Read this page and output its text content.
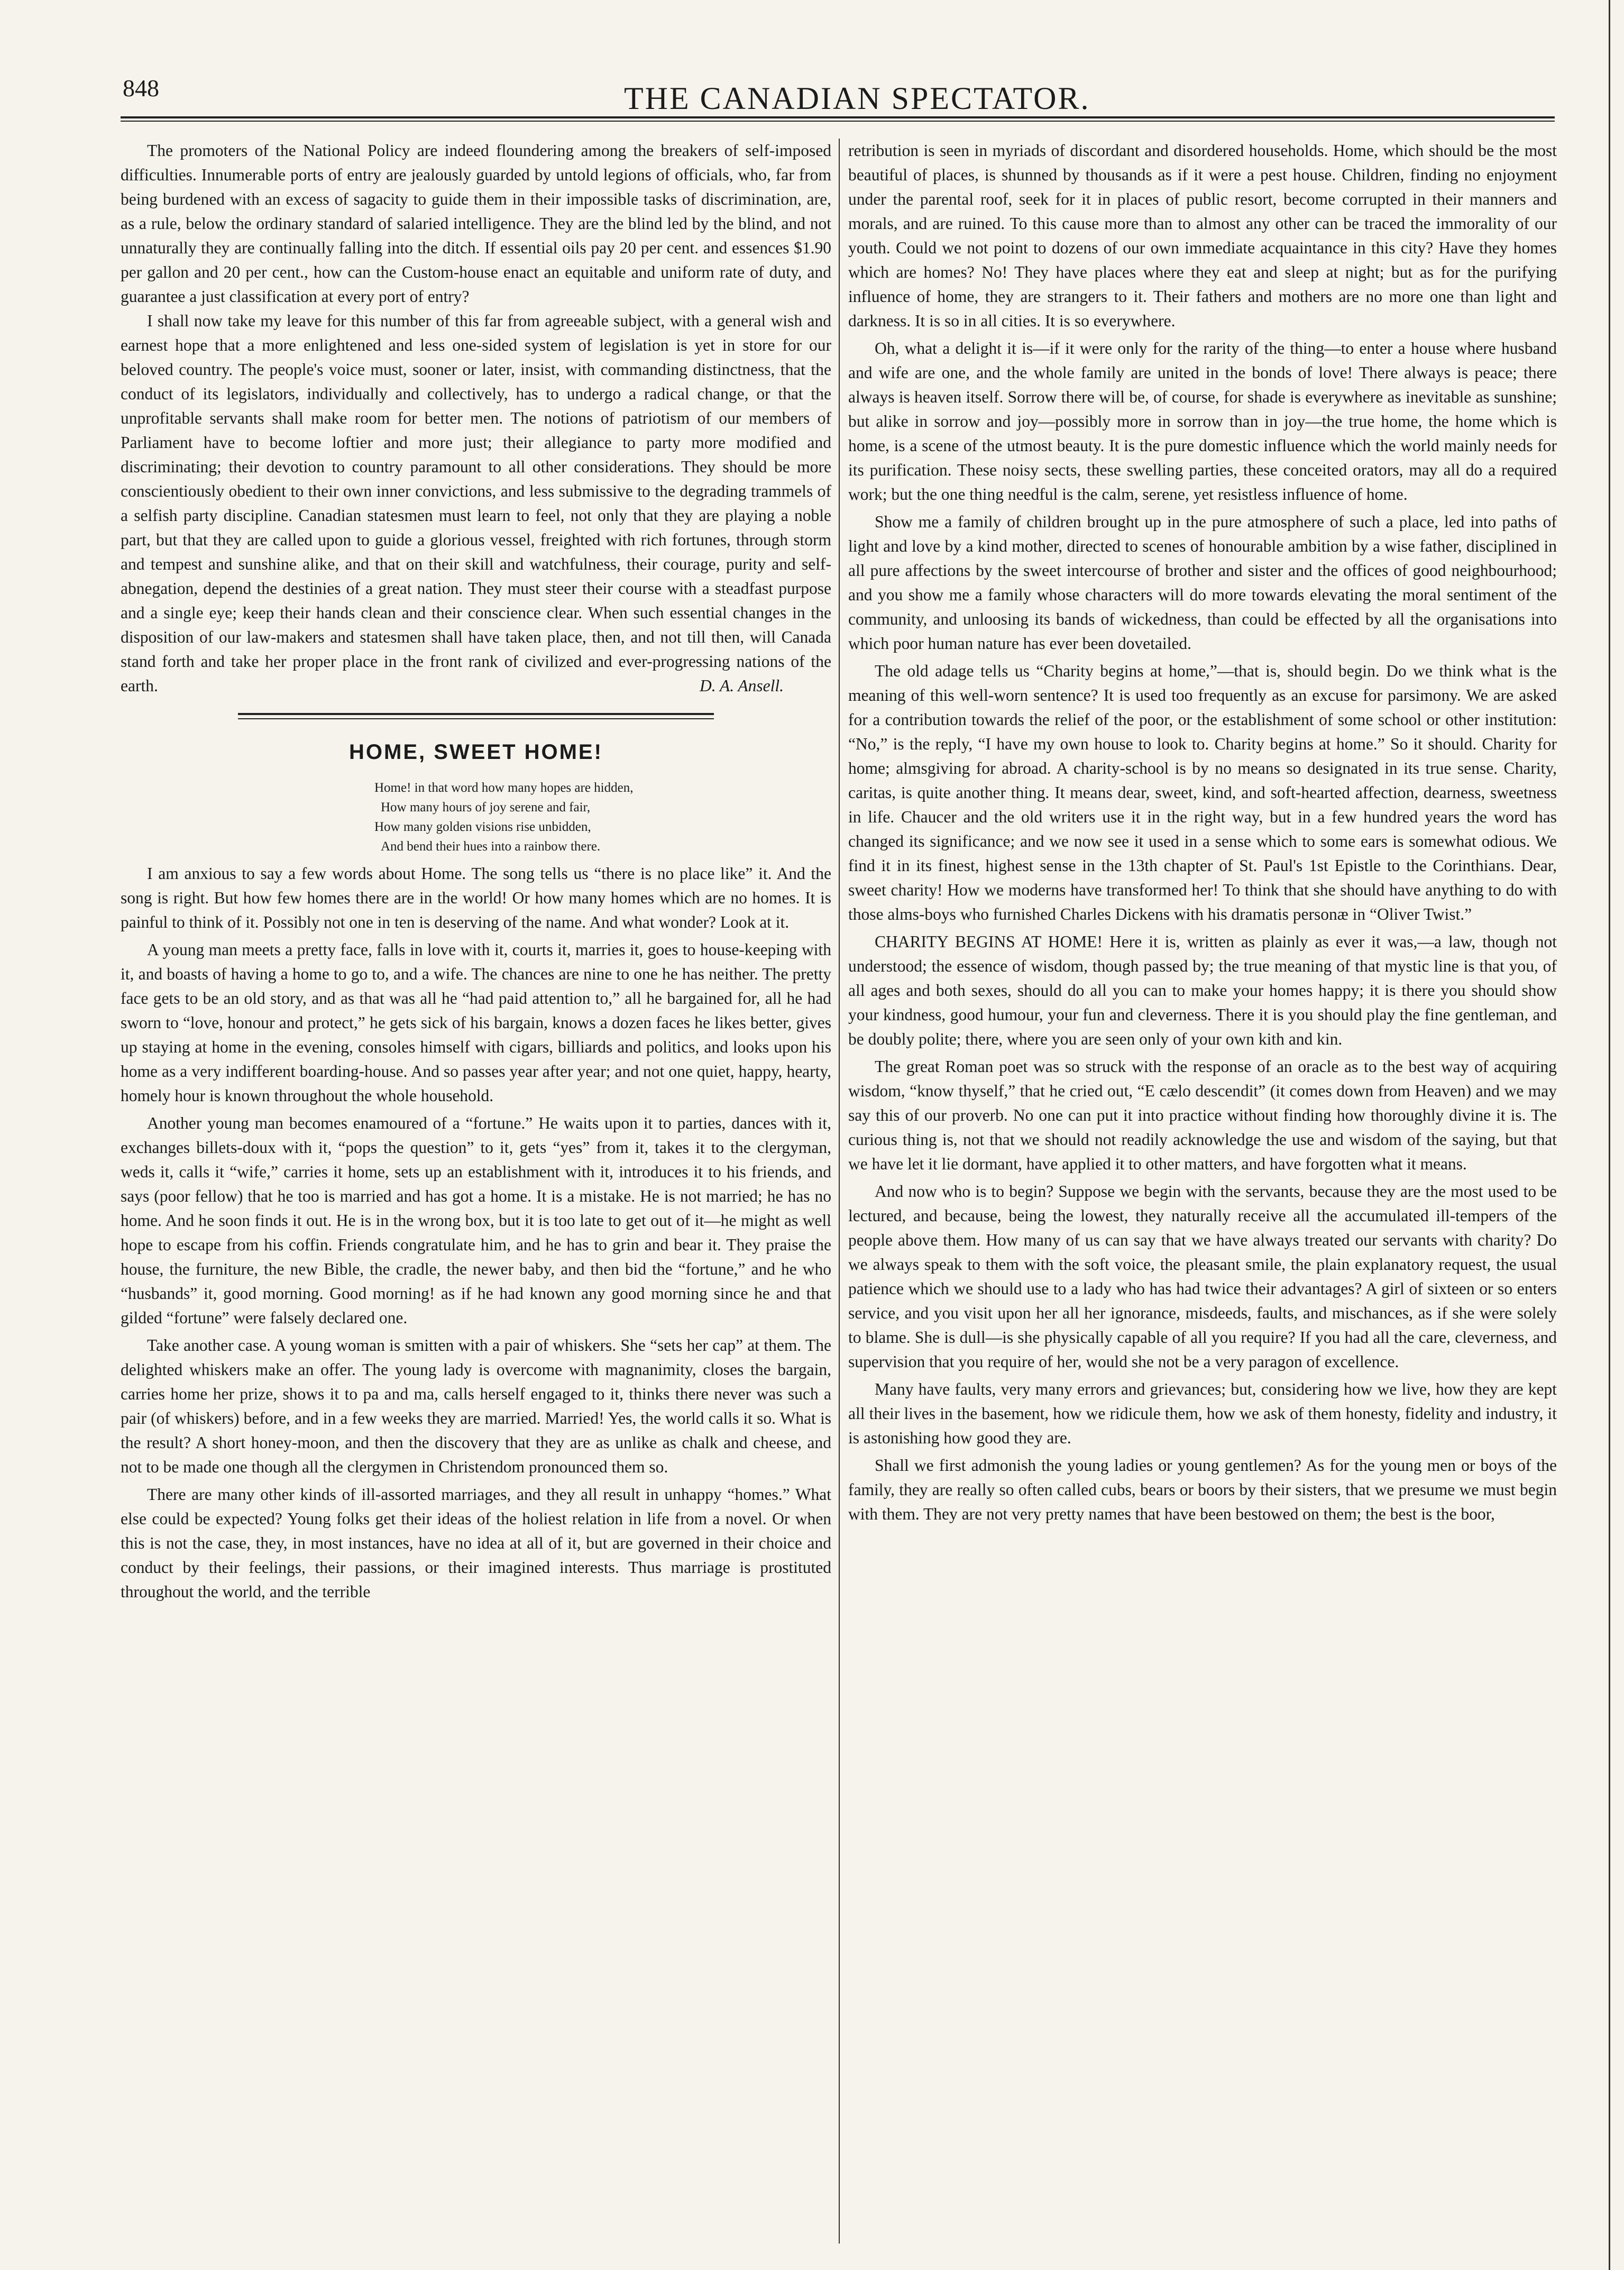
848	THE CANADIAN SPECTATOR.

The promoters of the National Policy are indeed floundering among the breakers of self-imposed difficulties. Innumerable ports of entry are jealously guarded by untold legions of officials, who, far from being burdened with an excess of sagacity to guide them in their impossible tasks of discrimination, are, as a rule, below the ordinary standard of salaried intelligence. They are the blind led by the blind, and not unnaturally they are continually falling into the ditch. If essential oils pay 20 per cent. and essences $1.90 per gallon and 20 per cent., how can the Custom-house enact an equitable and uniform rate of duty, and guarantee a just classification at every port of entry?

I shall now take my leave for this number of this far from agreeable subject, with a general wish and earnest hope that a more enlightened and less one-sided system of legislation is yet in store for our beloved country. The people's voice must, sooner or later, insist, with commanding distinctness, that the conduct of its legislators, individually and collectively, has to undergo a radical change, or that the unprofitable servants shall make room for better men. The notions of patriotism of our members of Parliament have to become loftier and more just; their allegiance to party more modified and discriminating; their devotion to country paramount to all other considerations. They should be more conscientiously obedient to their own inner convictions, and less submissive to the degrading trammels of a selfish party discipline. Canadian statesmen must learn to feel, not only that they are playing a noble part, but that they are called upon to guide a glorious vessel, freighted with rich fortunes, through storm and tempest and sunshine alike, and that on their skill and watchfulness, their courage, purity and self-abnegation, depend the destinies of a great nation. They must steer their course with a steadfast purpose and a single eye; keep their hands clean and their conscience clear. When such essential changes in the disposition of our law-makers and statesmen shall have taken place, then, and not till then, will Canada stand forth and take her proper place in the front rank of civilized and ever-progressing nations of the earth.	D. A. Ansell.

HOME, SWEET HOME!
Home! in that word how many hopes are hidden,
How many hours of joy serene and fair,
How many golden visions rise unbidden,
And bend their hues into a rainbow there.

I am anxious to say a few words about Home. The song tells us “there is no place like” it. And the song is right. But how few homes there are in the world! Or how many homes which are no homes. It is painful to think of it. Possibly not one in ten is deserving of the name. And what wonder? Look at it.

A young man meets a pretty face, falls in love with it, courts it, marries it, goes to house-keeping with it, and boasts of having a home to go to, and a wife. The chances are nine to one he has neither. The pretty face gets to be an old story, and as that was all he “had paid attention to,” all he bargained for, all he had sworn to “love, honour and protect,” he gets sick of his bargain, knows a dozen faces he likes better, gives up staying at home in the evening, consoles himself with cigars, billiards and politics, and looks upon his home as a very indifferent boarding-house. And so passes year after year; and not one quiet, happy, hearty, homely hour is known throughout the whole household.

Another young man becomes enamoured of a “fortune.” He waits upon it to parties, dances with it, exchanges billets-doux with it, “pops the question” to it, gets “yes” from it, takes it to the clergyman, weds it, calls it “wife,” carries it home, sets up an establishment with it, introduces it to his friends, and says (poor fellow) that he too is married and has got a home. It is a mistake. He is not married; he has no home. And he soon finds it out. He is in the wrong box, but it is too late to get out of it—he might as well hope to escape from his coffin. Friends congratulate him, and he has to grin and bear it. They praise the house, the furniture, the new Bible, the cradle, the newer baby, and then bid the “fortune,” and he who “husbands” it, good morning. Good morning! as if he had known any good morning since he and that gilded “fortune” were falsely declared one.

Take another case. A young woman is smitten with a pair of whiskers. She “sets her cap” at them. The delighted whiskers make an offer. The young lady is overcome with magnanimity, closes the bargain, carries home her prize, shows it to pa and ma, calls herself engaged to it, thinks there never was such a pair (of whiskers) before, and in a few weeks they are married. Married! Yes, the world calls it so. What is the result? A short honey-moon, and then the discovery that they are as unlike as chalk and cheese, and not to be made one though all the clergymen in Christendom pronounced them so.

There are many other kinds of ill-assorted marriages, and they all result in unhappy “homes.” What else could be expected? Young folks get their ideas of the holiest relation in life from a novel. Or when this is not the case, they, in most instances, have no idea at all of it, but are governed in their choice and conduct by their feelings, their passions, or their imagined interests. Thus marriage is prostituted throughout the world, and the terrible

retribution is seen in myriads of discordant and disordered households. Home, which should be the most beautiful of places, is shunned by thousands as if it were a pest house. Children, finding no enjoyment under the parental roof, seek for it in places of public resort, become corrupted in their manners and morals, and are ruined. To this cause more than to almost any other can be traced the immorality of our youth. Could we not point to dozens of our own immediate acquaintance in this city? Have they homes which are homes? No! They have places where they eat and sleep at night; but as for the purifying influence of home, they are strangers to it. Their fathers and mothers are no more one than light and darkness. It is so in all cities. It is so everywhere.

Oh, what a delight it is—if it were only for the rarity of the thing—to enter a house where husband and wife are one, and the whole family are united in the bonds of love! There always is peace; there always is heaven itself. Sorrow there will be, of course, for shade is everywhere as inevitable as sunshine; but alike in sorrow and joy—possibly more in sorrow than in joy—the true home, the home which is home, is a scene of the utmost beauty. It is the pure domestic influence which the world mainly needs for its purification. These noisy sects, these swelling parties, these conceited orators, may all do a required work; but the one thing needful is the calm, serene, yet resistless influence of home.

Show me a family of children brought up in the pure atmosphere of such a place, led into paths of light and love by a kind mother, directed to scenes of honourable ambition by a wise father, disciplined in all pure affections by the sweet intercourse of brother and sister and the offices of good neighbourhood; and you show me a family whose characters will do more towards elevating the moral sentiment of the community, and unloosing its bands of wickedness, than could be effected by all the organisations into which poor human nature has ever been dovetailed.

The old adage tells us “Charity begins at home,”—that is, should begin. Do we think what is the meaning of this well-worn sentence? It is used too frequently as an excuse for parsimony. We are asked for a contribution towards the relief of the poor, or the establishment of some school or other institution: “No,” is the reply, “I have my own house to look to. Charity begins at home.” So it should. Charity for home; almsgiving for abroad. A charity-school is by no means so designated in its true sense. Charity, caritas, is quite another thing. It means dear, sweet, kind, and soft-hearted affection, dearness, sweetness in life. Chaucer and the old writers use it in the right way, but in a few hundred years the word has changed its significance; and we now see it used in a sense which to some ears is somewhat odious. We find it in its finest, highest sense in the 13th chapter of St. Paul's 1st Epistle to the Corinthians. Dear, sweet charity! How we moderns have transformed her! To think that she should have anything to do with those alms-boys who furnished Charles Dickens with his dramatis personæ in “Oliver Twist.”

CHARITY BEGINS AT HOME! Here it is, written as plainly as ever it was,—a law, though not understood; the essence of wisdom, though passed by; the true meaning of that mystic line is that you, of all ages and both sexes, should do all you can to make your homes happy; it is there you should show your kindness, good humour, your fun and cleverness. There it is you should play the fine gentleman, and be doubly polite; there, where you are seen only of your own kith and kin.

The great Roman poet was so struck with the response of an oracle as to the best way of acquiring wisdom, “know thyself,” that he cried out, “E cælo descendit” (it comes down from Heaven) and we may say this of our proverb. No one can put it into practice without finding how thoroughly divine it is. The curious thing is, not that we should not readily acknowledge the use and wisdom of the saying, but that we have let it lie dormant, have applied it to other matters, and have forgotten what it means.

And now who is to begin? Suppose we begin with the servants, because they are the most used to be lectured, and because, being the lowest, they naturally receive all the accumulated ill-tempers of the people above them. How many of us can say that we have always treated our servants with charity? Do we always speak to them with the soft voice, the pleasant smile, the plain explanatory request, the usual patience which we should use to a lady who has had twice their advantages? A girl of sixteen or so enters service, and you visit upon her all her ignorance, misdeeds, faults, and mischances, as if she were solely to blame. She is dull—is she physically capable of all you require? If you had all the care, cleverness, and supervision that you require of her, would she not be a very paragon of excellence.

Many have faults, very many errors and grievances; but, considering how we live, how they are kept all their lives in the basement, how we ridicule them, how we ask of them honesty, fidelity and industry, it is astonishing how good they are.

Shall we first admonish the young ladies or young gentlemen? As for the young men or boys of the family, they are really so often called cubs, bears or boors by their sisters, that we presume we must begin with them. They are not very pretty names that have been bestowed on them; the best is the boor,
